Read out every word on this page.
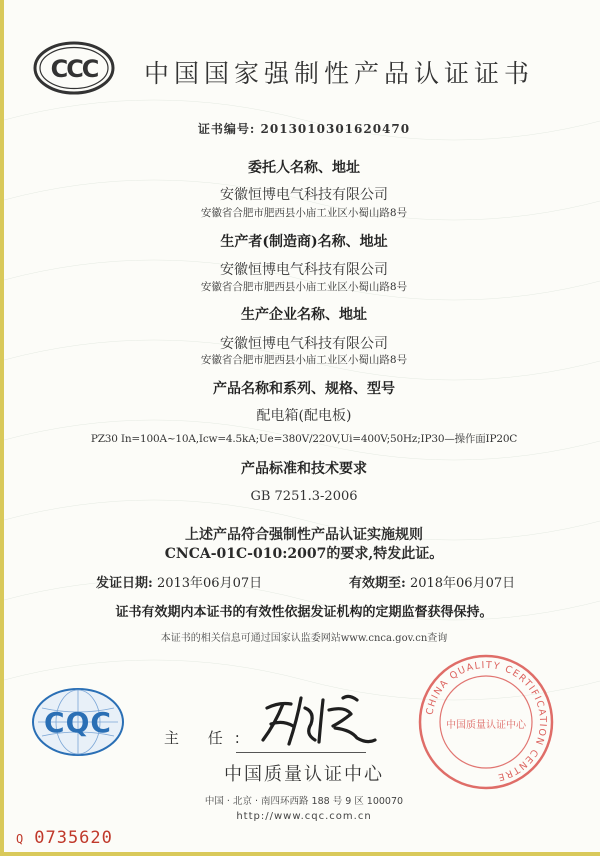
CCC 中国国家强制性产品认证证书
证书编号: 2013010301620470
委托人名称、地址
安徽恒博电气科技有限公司
安徽省合肥市肥西县小庙工业区小蜀山路8号
生产者(制造商)名称、地址
安徽恒博电气科技有限公司
安徽省合肥市肥西县小庙工业区小蜀山路8号
生产企业名称、地址
安徽恒博电气科技有限公司
安徽省合肥市肥西县小庙工业区小蜀山路8号
产品名称和系列、规格、型号
配电箱(配电板)
PZ30 In=100A~10A,Icw=4.5kA;Ue=380V/220V,Ui=400V;50Hz;IP30—操作面IP20C
产品标准和技术要求
GB 7251.3-2006
上述产品符合强制性产品认证实施规则
CNCA-01C-010:2007的要求,特发此证。
发证日期: 2013年06月07日	有效期至: 2018年06月07日
证书有效期内本证书的有效性依据发证机构的定期监督获得保持。
本证书的相关信息可通过国家认监委网站www.cnca.gov.cn查询
CQC	主 任:
CHINA QUALITY CERTIFICATION CENTRE
中国质量认证中心
中国质量认证中心
中国 · 北京 · 南四环西路 188 号 9 区 100070
http://www.cqc.com.cn
Q 0735620
